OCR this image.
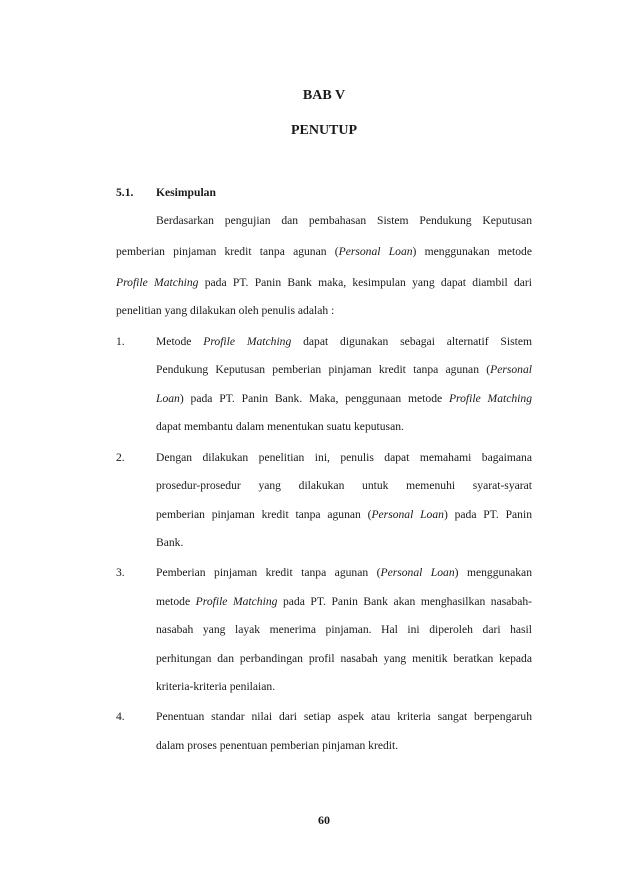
BAB V
PENUTUP
5.1. Kesimpulan
Berdasarkan pengujian dan pembahasan Sistem Pendukung Keputusan
pemberian pinjaman kredit tanpa agunan (Personal Loan) menggunakan metode
Profile Matching pada PT. Panin Bank maka, kesimpulan yang dapat diambil dari
penelitian yang dilakukan oleh penulis adalah :
1.	Metode Profile Matching dapat digunakan sebagai alternatif Sistem
Pendukung Keputusan pemberian pinjaman kredit tanpa agunan (Personal
Loan) pada PT. Panin Bank. Maka, penggunaan metode Profile Matching
dapat membantu dalam menentukan suatu keputusan.
2.	Dengan dilakukan penelitian ini, penulis dapat memahami bagaimana
prosedur-prosedur yang dilakukan untuk memenuhi syarat-syarat
pemberian pinjaman kredit tanpa agunan (Personal Loan) pada PT. Panin
Bank.
3.	Pemberian pinjaman kredit tanpa agunan (Personal Loan) menggunakan
metode Profile Matching pada PT. Panin Bank akan menghasilkan nasabah-
nasabah yang layak menerima pinjaman. Hal ini diperoleh dari hasil
perhitungan dan perbandingan profil nasabah yang menitik beratkan kepada
kriteria-kriteria penilaian.
4.	Penentuan standar nilai dari setiap aspek atau kriteria sangat berpengaruh
dalam proses penentuan pemberian pinjaman kredit.
60
